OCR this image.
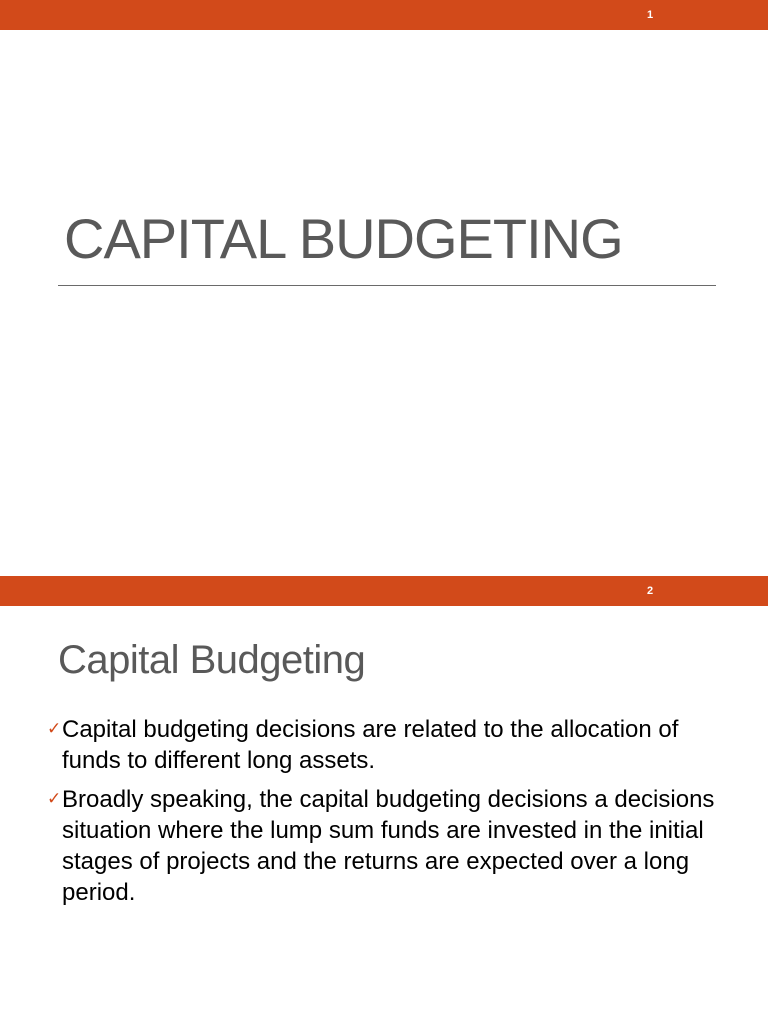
1
CAPITAL BUDGETING
2
Capital Budgeting
✓ Capital budgeting decisions are related to the allocation of funds to different long assets.
✓ Broadly speaking, the capital budgeting decisions a decisions situation where the lump sum funds are invested in the initial stages of projects and the returns are expected over a long period.
